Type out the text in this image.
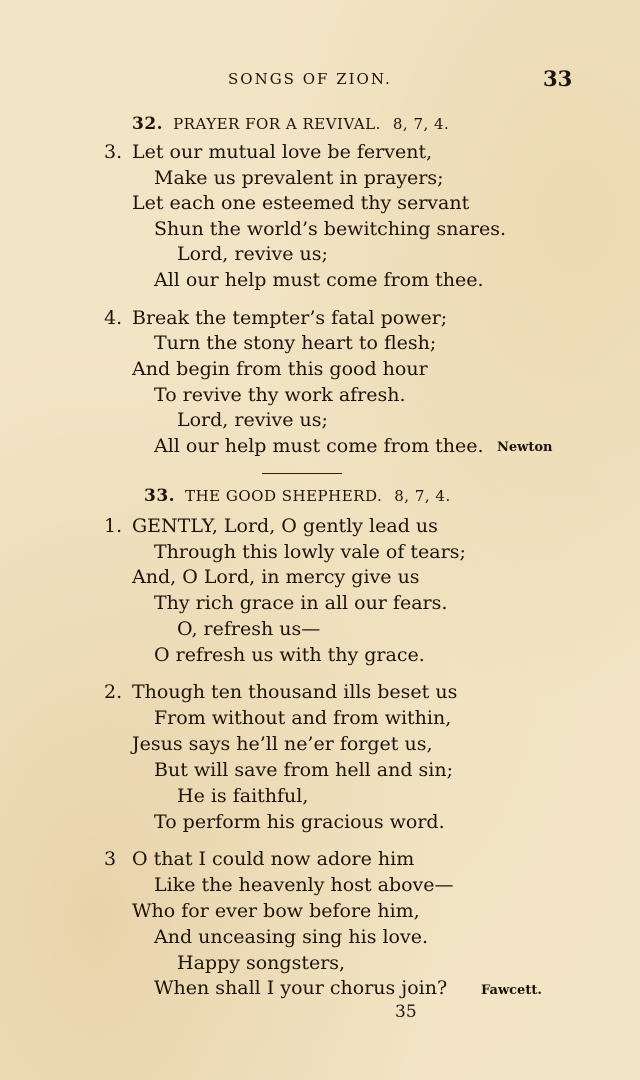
SONGS OF ZION.	33
32. PRAYER FOR A REVIVAL. 8, 7, 4.
3. Let our mutual love be fervent,
Make us prevalent in prayers;
Let each one esteemed thy servant
Shun the world’s bewitching snares.
Lord, revive us;
All our help must come from thee.
4. Break the tempter’s fatal power;
Turn the stony heart to flesh;
And begin from this good hour
To revive thy work afresh.
Lord, revive us;
All our help must come from thee. Newton
33. THE GOOD SHEPHERD. 8, 7, 4.
1. GENTLY, Lord, O gently lead us
Through this lowly vale of tears;
And, O Lord, in mercy give us
Thy rich grace in all our fears.
O, refresh us—
O refresh us with thy grace.
2. Though ten thousand ills beset us
From without and from within,
Jesus says he’ll ne’er forget us,
But will save from hell and sin;
He is faithful,
To perform his gracious word.
3 O that I could now adore him
Like the heavenly host above—
Who for ever bow before him,
And unceasing sing his love.
Happy songsters,
When shall I your chorus join?	Fawcett.
35
